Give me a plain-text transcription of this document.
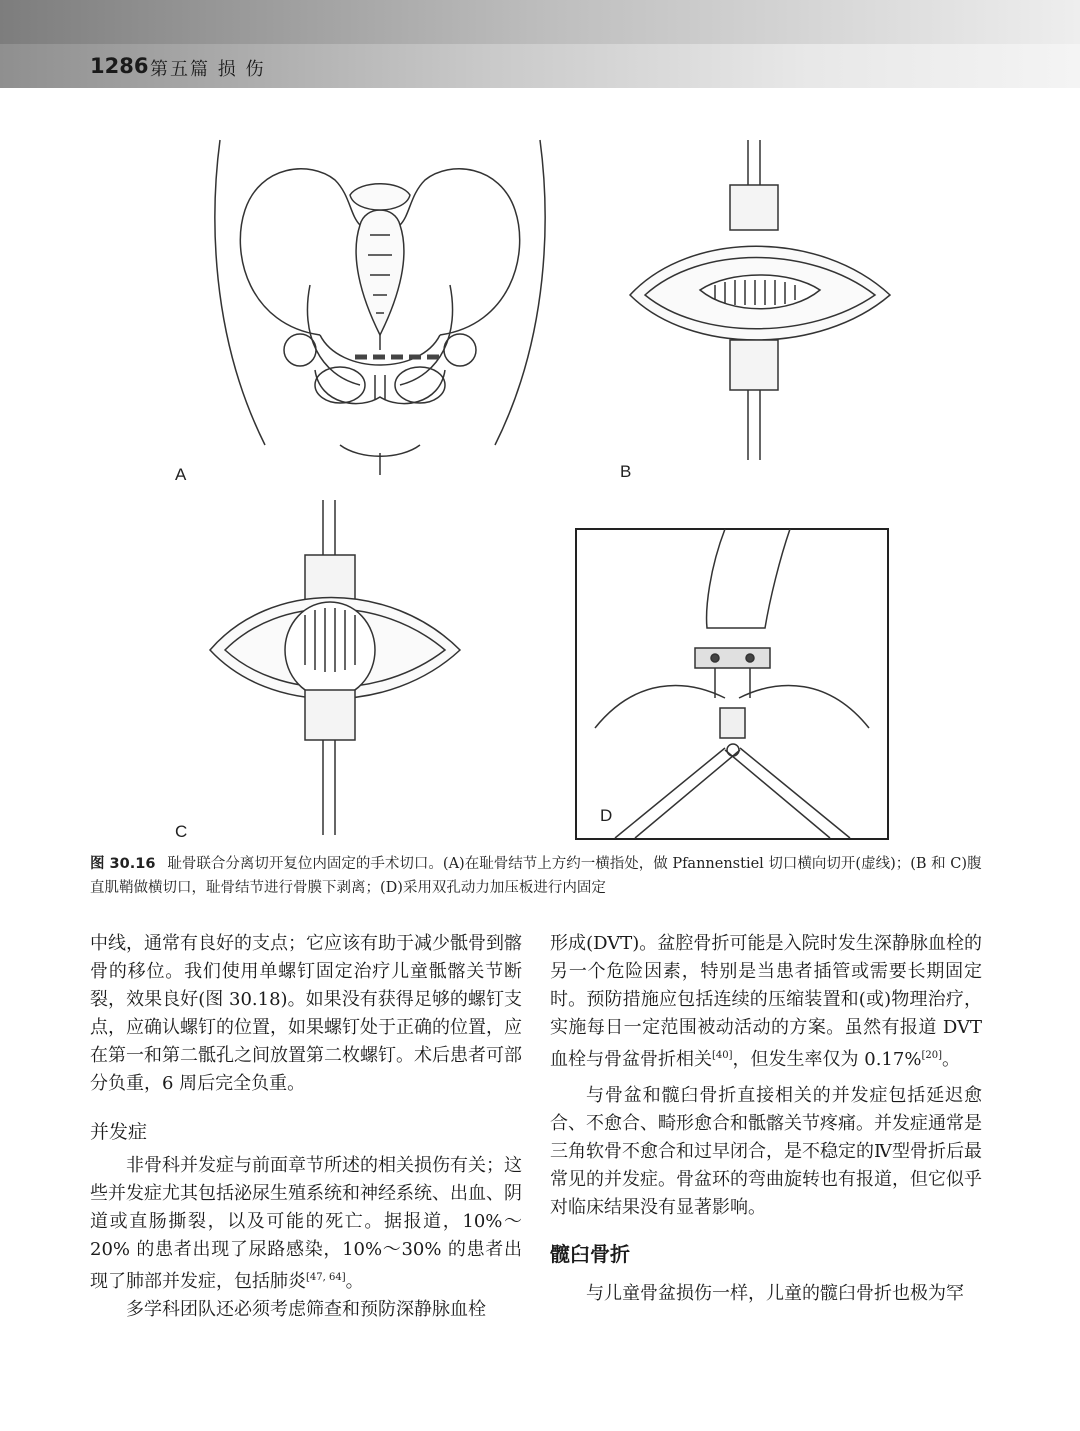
1286 第五篇 损 伤
A	B
C
D
图 30.16 耻骨联合分离切开复位内固定的手术切口。(A)在耻骨结节上方约一横指处，做 Pfannenstiel 切口横向切开(虚线)；(B 和 C)腹直肌鞘做横切口，耻骨结节进行骨膜下剥离；(D)采用双孔动力加压板进行内固定

中线，通常有良好的支点；它应该有助于减少骶骨到髂骨的移位。我们使用单螺钉固定治疗儿童骶髂关节断裂，效果良好(图 30.18)。如果没有获得足够的螺钉支点，应确认螺钉的位置，如果螺钉处于正确的位置，应在第一和第二骶孔之间放置第二枚螺钉。术后患者可部分负重，6 周后完全负重。

并发症

非骨科并发症与前面章节所述的相关损伤有关；这些并发症尤其包括泌尿生殖系统和神经系统、出血、阴道或直肠撕裂，以及可能的死亡。据报道，10%～20% 的患者出现了尿路感染，10%～30% 的患者出现了肺部并发症，包括肺炎[47, 64]。

多学科团队还必须考虑筛查和预防深静脉血栓

形成(DVT)。盆腔骨折可能是入院时发生深静脉血栓的另一个危险因素，特别是当患者插管或需要长期固定时。预防措施应包括连续的压缩装置和(或)物理治疗，实施每日一定范围被动活动的方案。虽然有报道 DVT 血栓与骨盆骨折相关[40]，但发生率仅为 0.17%[20]。

与骨盆和髋臼骨折直接相关的并发症包括延迟愈合、不愈合、畸形愈合和骶髂关节疼痛。并发症通常是三角软骨不愈合和过早闭合，是不稳定的Ⅳ型骨折后最常见的并发症。骨盆环的弯曲旋转也有报道，但它似乎对临床结果没有显著影响。

髋臼骨折

与儿童骨盆损伤一样，儿童的髋臼骨折也极为罕
